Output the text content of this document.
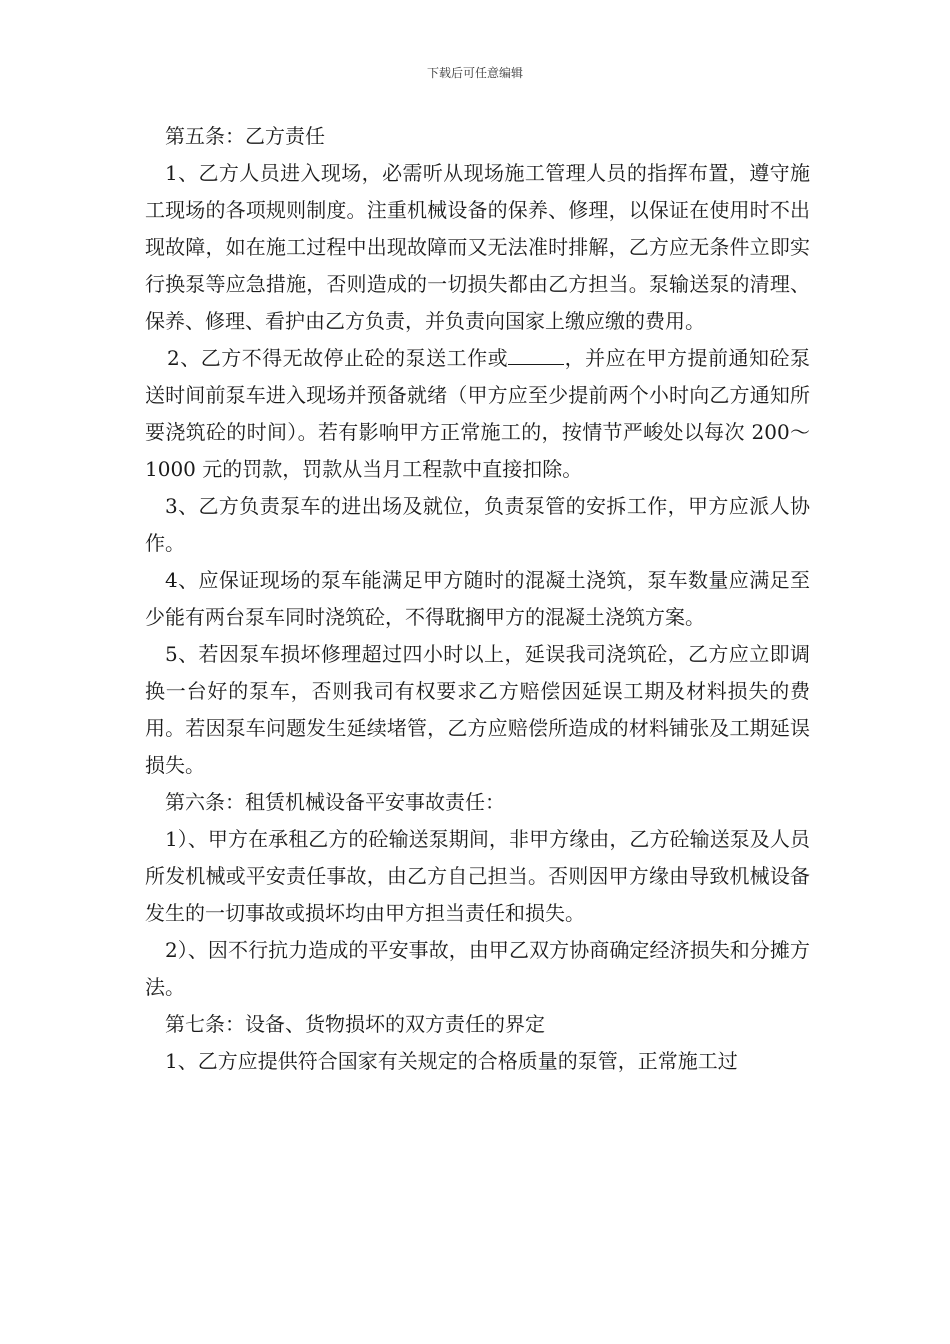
下载后可任意编辑

第五条：乙方责任

1、乙方人员进入现场，必需听从现场施工管理人员的指挥布置，遵守施工现场的各项规则制度。注重机械设备的保养、修理，以保证在使用时不出现故障，如在施工过程中出现故障而又无法准时排解，乙方应无条件立即实行换泵等应急措施，否则造成的一切损失都由乙方担当。泵输送泵的清理、保养、修理、看护由乙方负责，并负责向国家上缴应缴的费用。

2、乙方不得无故停止砼的泵送工作或	，并应在甲方提前通知砼泵送时间前泵车进入现场并预备就绪（甲方应至少提前两个小时向乙方通知所要浇筑砼的时间）。若有影响甲方正常施工的，按情节严峻处以每次 200～1000 元的罚款，罚款从当月工程款中直接扣除。

3、乙方负责泵车的进出场及就位，负责泵管的安拆工作，甲方应派人协作。

4、应保证现场的泵车能满足甲方随时的混凝土浇筑，泵车数量应满足至少能有两台泵车同时浇筑砼，不得耽搁甲方的混凝土浇筑方案。

5、若因泵车损坏修理超过四小时以上，延误我司浇筑砼，乙方应立即调换一台好的泵车，否则我司有权要求乙方赔偿因延误工期及材料损失的费用。若因泵车问题发生延续堵管，乙方应赔偿所造成的材料铺张及工期延误损失。

第六条：租赁机械设备平安事故责任：

1）、甲方在承租乙方的砼输送泵期间，非甲方缘由，乙方砼输送泵及人员所发机械或平安责任事故，由乙方自己担当。否则因甲方缘由导致机械设备发生的一切事故或损坏均由甲方担当责任和损失。

2）、因不行抗力造成的平安事故，由甲乙双方协商确定经济损失和分摊方法。

第七条：设备、货物损坏的双方责任的界定

1、乙方应提供符合国家有关规定的合格质量的泵管，正常施工过
